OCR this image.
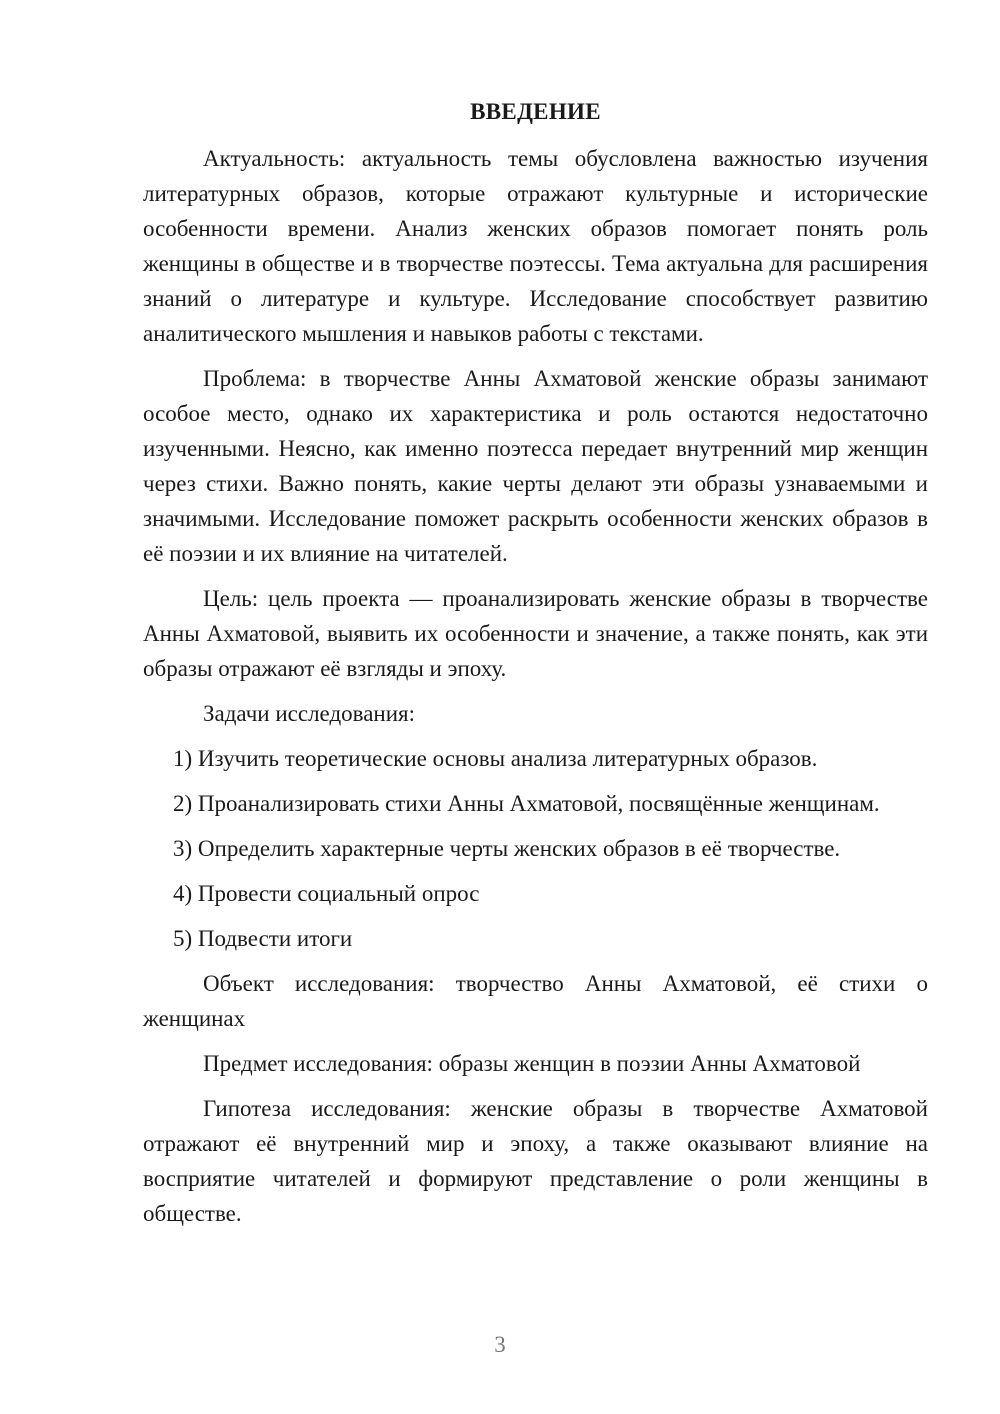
ВВЕДЕНИЕ

Актуальность: актуальность темы обусловлена важностью изучения литературных образов, которые отражают культурные и исторические особенности времени. Анализ женских образов помогает понять роль женщины в обществе и в творчестве поэтессы. Тема актуальна для расширения знаний о литературе и культуре. Исследование способствует развитию аналитического мышления и навыков работы с текстами.

Проблема: в творчестве Анны Ахматовой женские образы занимают особое место, однако их характеристика и роль остаются недостаточно изученными. Неясно, как именно поэтесса передает внутренний мир женщин через стихи. Важно понять, какие черты делают эти образы узнаваемыми и значимыми. Исследование поможет раскрыть особенности женских образов в её поэзии и их влияние на читателей.

Цель: цель проекта — проанализировать женские образы в творчестве Анны Ахматовой, выявить их особенности и значение, а также понять, как эти образы отражают её взгляды и эпоху.

Задачи исследования:

1) Изучить теоретические основы анализа литературных образов.

2) Проанализировать стихи Анны Ахматовой, посвящённые женщинам.

3) Определить характерные черты женских образов в её творчестве.

4) Провести социальный опрос

5) Подвести итоги

Объект исследования: творчество Анны Ахматовой, её стихи о женщинах

Предмет исследования: образы женщин в поэзии Анны Ахматовой

Гипотеза исследования: женские образы в творчестве Ахматовой отражают её внутренний мир и эпоху, а также оказывают влияние на восприятие читателей и формируют представление о роли женщины в обществе.

3
